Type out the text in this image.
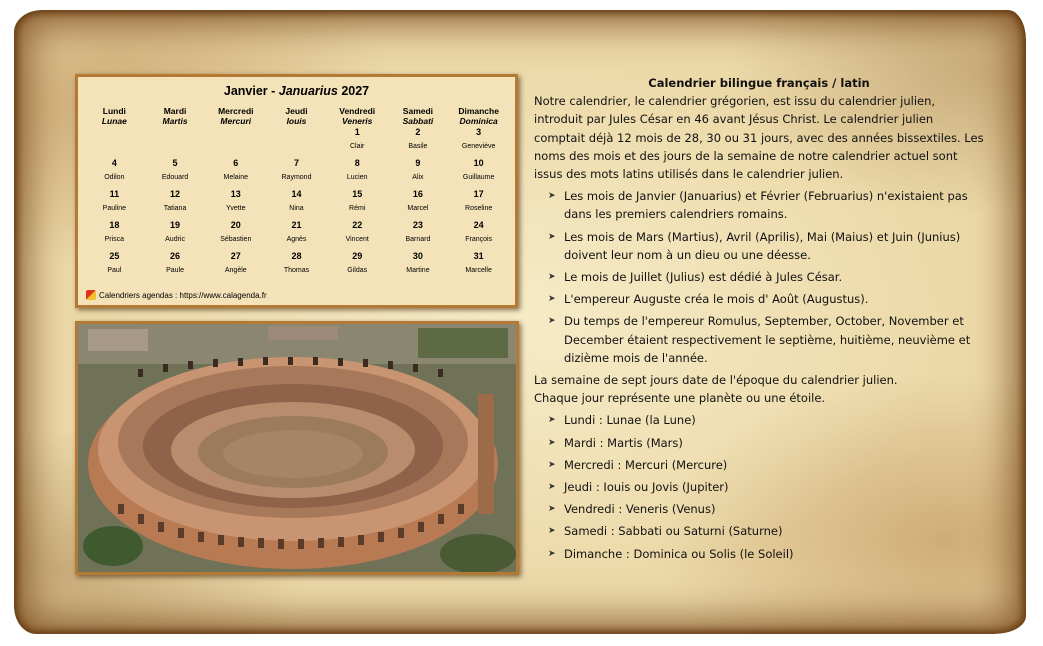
Janvier - Januarius 2027
Lundi
Lunae
Mardi
Martis
Mercredi
Mercuri
Jeudi
Iouis
Vendredi
Veneris
Samedi
Sabbati
Dimanche
Dominica
1
Clair
2
Basile
3
Geneviève
4
Odilon
5
Edouard
6
Melaine
7
Raymond
8
Lucien
9
Alix
10
Guillaume
11
Pauline
12
Tatiana
13
Yvette
14
Nina
15
Rémi
16
Marcel
17
Roseline
18
Prisca
19
Audric
20
Sébastien
21
Agnès
22
Vincent
23
Barnard
24
François
25
Paul
26
Paule
27
Angèle
28
Thomas
29
Gildas
30
Martine
31
Marcelle
Calendriers agendas : https://www.calagenda.fr

Calendrier bilingue français / latin

Notre calendrier, le calendrier grégorien, est issu du calendrier julien, introduit par Jules César en 46 avant Jésus Christ. Le calendrier julien comptait déjà 12 mois de 28, 30 ou 31 jours, avec des années bissextiles. Les noms des mois et des jours de la semaine de notre calendrier actuel sont issus des mots latins utilisés dans le calendrier julien.

➤ Les mois de Janvier (Januarius) et Février (Februarius) n'existaient pas dans les premiers calendriers romains.
➤ Les mois de Mars (Martius), Avril (Aprilis), Mai (Maius) et Juin (Junius) doivent leur nom à un dieu ou une déesse.
➤ Le mois de Juillet (Julius) est dédié à Jules César.
➤ L'empereur Auguste créa le mois d' Août (Augustus).
➤ Du temps de l'empereur Romulus, September, October, November et December étaient respectivement le septième, huitième, neuvième et dizième mois de l'année.

La semaine de sept jours date de l'époque du calendrier julien.

Chaque jour représente une planète ou une étoile.

➤ Lundi : Lunae (la Lune)
➤ Mardi : Martis (Mars)
➤ Mercredi : Mercuri (Mercure)
➤ Jeudi : Iouis ou Jovis (Jupiter)
➤ Vendredi : Veneris (Venus)
➤ Samedi : Sabbati ou Saturni (Saturne)
➤ Dimanche : Dominica ou Solis (le Soleil)
